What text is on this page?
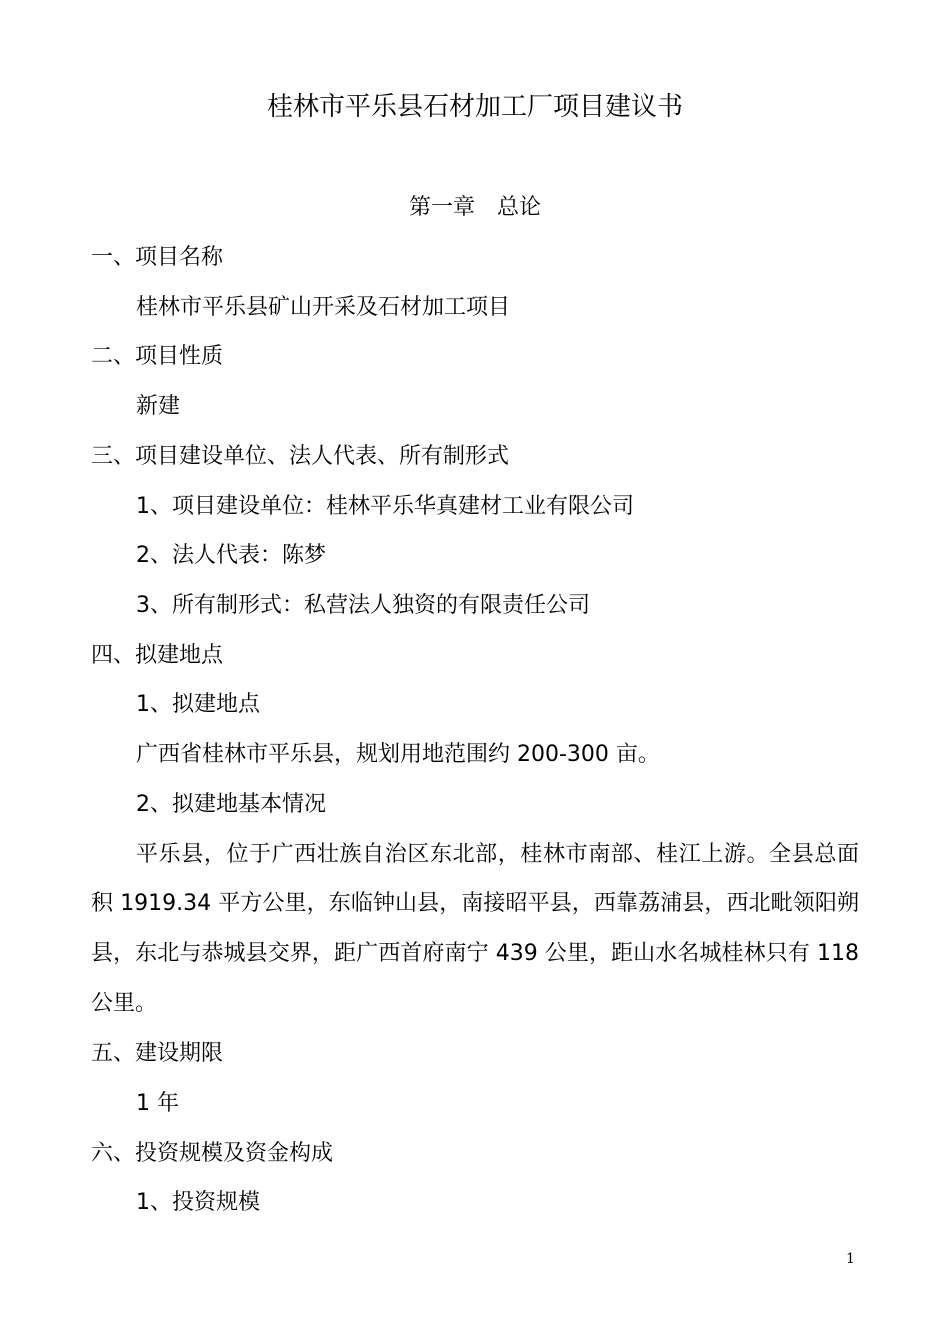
桂林市平乐县石材加工厂项目建议书
第一章　总论
一、项目名称
桂林市平乐县矿山开采及石材加工项目
二、项目性质
新建
三、项目建设单位、法人代表、所有制形式
1、项目建设单位：桂林平乐华真建材工业有限公司
2、法人代表：陈梦
3、所有制形式：私营法人独资的有限责任公司
四、拟建地点
1、拟建地点
广西省桂林市平乐县，规划用地范围约 200-300 亩。
2、拟建地基本情况
平乐县，位于广西壮族自治区东北部，桂林市南部、桂江上游。全县总面
积 1919.34 平方公里，东临钟山县，南接昭平县，西靠荔浦县，西北毗领阳朔
县，东北与恭城县交界，距广西首府南宁 439 公里，距山水名城桂林只有 118
公里。
五、建设期限
1 年
六、投资规模及资金构成
1、投资规模
1
